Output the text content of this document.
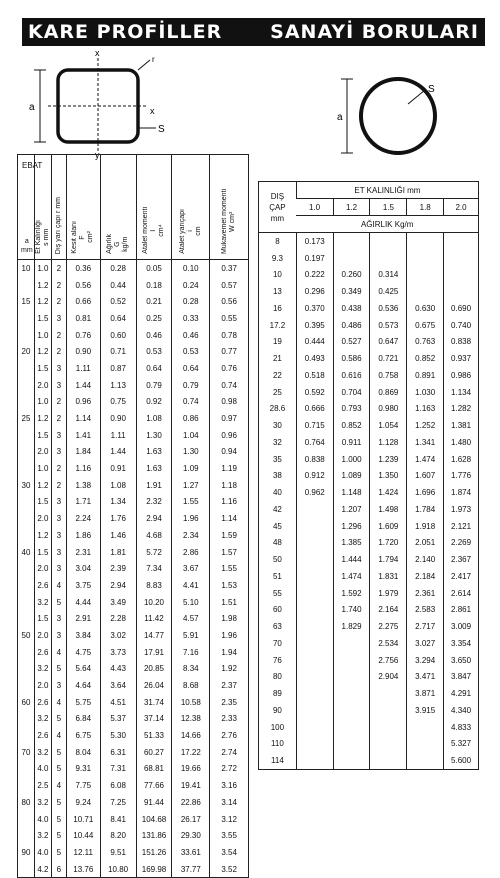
KARE PROFİLLER	SANAYİ BORULARI
x
x
y
r
S
a
a
S
EBAT
a
mm	Et Kalınlığı
s mm	Dış yarı çapı r mm	Kesit alanı
F
cm²	Ağırlık
G
kg/m	Atalet momenti
I
cm⁴	Atalet yarıçapı
i
cm	Mukavemet momenti
W cm³
10	1.0	2	0.36	0.28	0.05	0.10	0.37
	1.2	2	0.56	0.44	0.18	0.24	0.57
15	1.2	2	0.66	0.52	0.21	0.28	0.56
	1.5	3	0.81	0.64	0.25	0.33	0.55
	1.0	2	0.76	0.60	0.46	0.46	0.78
20	1.2	2	0.90	0.71	0.53	0.53	0.77
	1.5	3	1.11	0.87	0.64	0.64	0.76
	2.0	3	1.44	1.13	0.79	0.79	0.74
	1.0	2	0.96	0.75	0.92	0.74	0.98
25	1.2	2	1.14	0.90	1.08	0.86	0.97
	1.5	3	1.41	1.11	1.30	1.04	0.96
	2.0	3	1.84	1.44	1.63	1.30	0.94
	1.0	2	1.16	0.91	1.63	1.09	1.19
30	1.2	2	1.38	1.08	1.91	1.27	1.18
	1.5	3	1.71	1.34	2.32	1.55	1.16
	2.0	3	2.24	1.76	2.94	1.96	1.14
	1.2	3	1.86	1.46	4.68	2.34	1.59
40	1.5	3	2.31	1.81	5.72	2.86	1.57
	2.0	3	3.04	2.39	7.34	3.67	1.55
	2.6	4	3.75	2.94	8.83	4.41	1.53
	3.2	5	4.44	3.49	10.20	5.10	1.51
	1.5	3	2.91	2.28	11.42	4.57	1.98
50	2.0	3	3.84	3.02	14.77	5.91	1.96
	2.6	4	4.75	3.73	17.91	7.16	1.94
	3.2	5	5.64	4.43	20.85	8.34	1.92
	2.0	3	4.64	3.64	26.04	8.68	2.37
60	2.6	4	5.75	4.51	31.74	10.58	2.35
	3.2	5	6.84	5.37	37.14	12.38	2.33
	2.6	4	6.75	5.30	51.33	14.66	2.76
70	3.2	5	8.04	6.31	60.27	17.22	2.74
	4.0	5	9.31	7.31	68.81	19.66	2.72
	2.5	4	7.75	6.08	77.66	19.41	3.16
80	3.2	5	9.24	7.25	91.44	22.86	3.14
	4.0	5	10.71	8.41	104.68	26.17	3.12
	3.2	5	10.44	8.20	131.86	29.30	3.55
90	4.0	5	12.11	9.51	151.26	33.61	3.54
	4.2	6	13.76	10.80	169.98	37.77	3.52
DIŞ ÇAP
mm	ET KALINLIĞI mm				
	1.0	1.2	1.5	1.8	2.0
	AĞIRLIK Kg/m				
8	0.173				
9.3	0.197				
10	0.222	0.260	0.314		
13	0.296	0.349	0.425		
16	0.370	0.438	0.536	0.630	0.690
17.2	0.395	0.486	0.573	0.675	0.740
19	0.444	0.527	0.647	0.763	0.838
21	0.493	0.586	0.721	0.852	0.937
22	0.518	0.616	0.758	0.891	0.986
25	0.592	0.704	0.869	1.030	1.134
28.6	0.666	0.793	0.980	1.163	1.282
30	0.715	0.852	1.054	1.252	1.381
32	0.764	0.911	1.128	1.341	1.480
35	0.838	1.000	1.239	1.474	1.628
38	0.912	1.089	1.350	1.607	1.776
40	0.962	1.148	1.424	1.696	1.874
42		1.207	1.498	1.784	1.973
45		1.296	1.609	1.918	2.121
48		1.385	1.720	2.051	2.269
50		1.444	1.794	2.140	2.367
51		1.474	1.831	2.184	2.417
55		1.592	1.979	2.361	2.614
60		1.740	2.164	2.583	2.861
63		1.829	2.275	2.717	3.009
70			2.534	3.027	3.354
76			2.756	3.294	3.650
80			2.904	3.471	3.847
89				3.871	4.291
90				3.915	4.340
100					4.833
110					5.327
114					5.600
